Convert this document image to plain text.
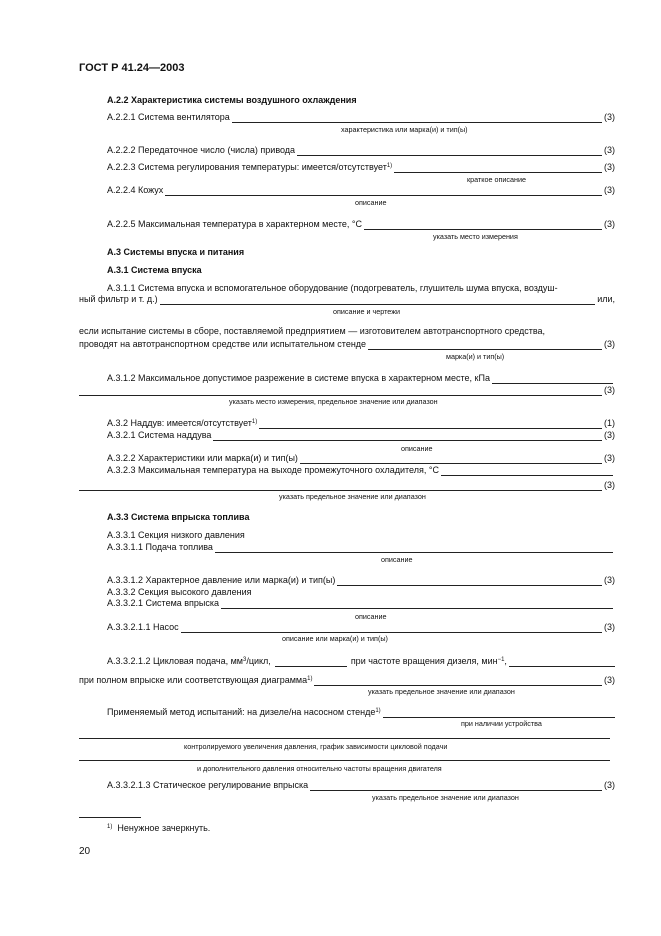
ГОСТ Р 41.24—2003
А.2.2 Характеристика системы воздушного охлаждения
А.2.2.1 Система вентилятора	(3)
характеристика или марка(и) и тип(ы)
А.2.2.2 Передаточное число (числа) привода	(3)
А.2.2.3 Система регулирования температуры: имеется/отсутствует$^{1)}$	(3)
краткое описание
А.2.2.4 Кожух	(3)
описание
А.2.2.5 Максимальная температура в характерном месте, °С	(3)
указать место измерения
А.3 Системы впуска и питания
А.3.1 Система впуска
А.3.1.1 Система впуска и вспомогательное оборудование (подогреватель, глушитель шума впуска, воздуш-
ный фильтр и т. д.)	или,
описание и чертежи
если испытание системы в сборе, поставляемой предприятием — изготовителем автотранспортного средства,
проводят на автотранспортном средстве или испытательном стенде	(3)
марка(и) и тип(ы)
А.3.1.2 Максимальное допустимое разрежение в системе впуска в характерном месте, кПа
(3)
указать место измерения, предельное значение или диапазон
А.3.2 Наддув: имеется/отсутствует$^{1)}$	(1)
А.3.2.1 Система наддува	(3)
описание
А.3.2.2 Характеристики или марка(и) и тип(ы)	(3)
А.3.2.3 Максимальная температура на выходе промежуточного охладителя, °С
(3)
указать предельное значение или диапазон
А.3.3 Система впрыска топлива
А.3.3.1 Секция низкого давления
А.3.3.1.1 Подача топлива
описание
А.3.3.1.2 Характерное давление или марка(и) и тип(ы)	(3)
А.3.3.2 Секция высокого давления
А.3.3.2.1 Система впрыска
описание
А.3.3.2.1.1 Насос	(3)
описание или марка(и) и тип(ы)
А.3.3.2.1.2 Цикловая подача, $мм^3$/цикл,	при частоте вращения дизеля, мин$^{-1}$,
при полном впрыске или соответствующая диаграмма$^{1)}$	(3)
указать предельное значение или диапазон
Применяемый метод испытаний: на дизеле/на насосном стенде$^{1)}$
при наличии устройства
контролируемого увеличения давления, график зависимости цикловой подачи
и дополнительного давления относительно частоты вращения двигателя
А.3.3.2.1.3 Статическое регулирование впрыска	(3)
указать предельное значение или диапазон
$^{1)}$ Ненужное зачеркнуть.
20
